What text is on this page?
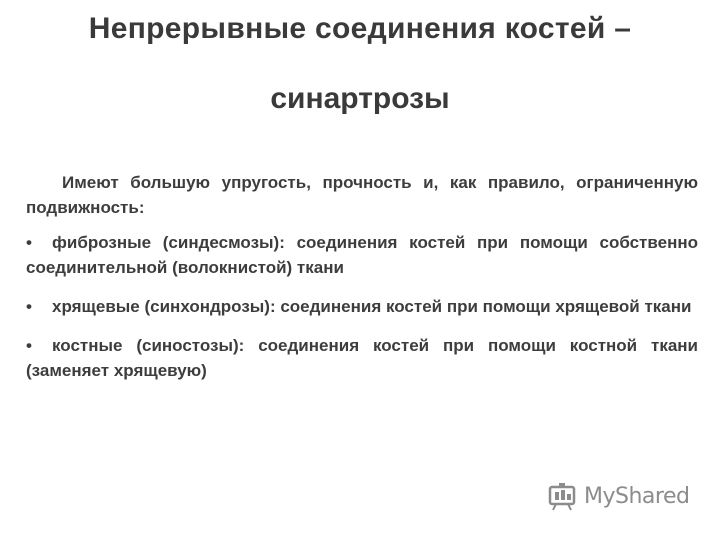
Непрерывные соединения костей –
синартрозы

Имеют большую упругость, прочность и, как правило, ограниченную подвижность:

• фиброзные (синдесмозы): соединения костей при помощи собственно соединительной (волокнистой) ткани
• хрящевые (синхондрозы): соединения костей при помощи хрящевой ткани
• костные (синостозы): соединения костей при помощи костной ткани (заменяет хрящевую)
MyShared
